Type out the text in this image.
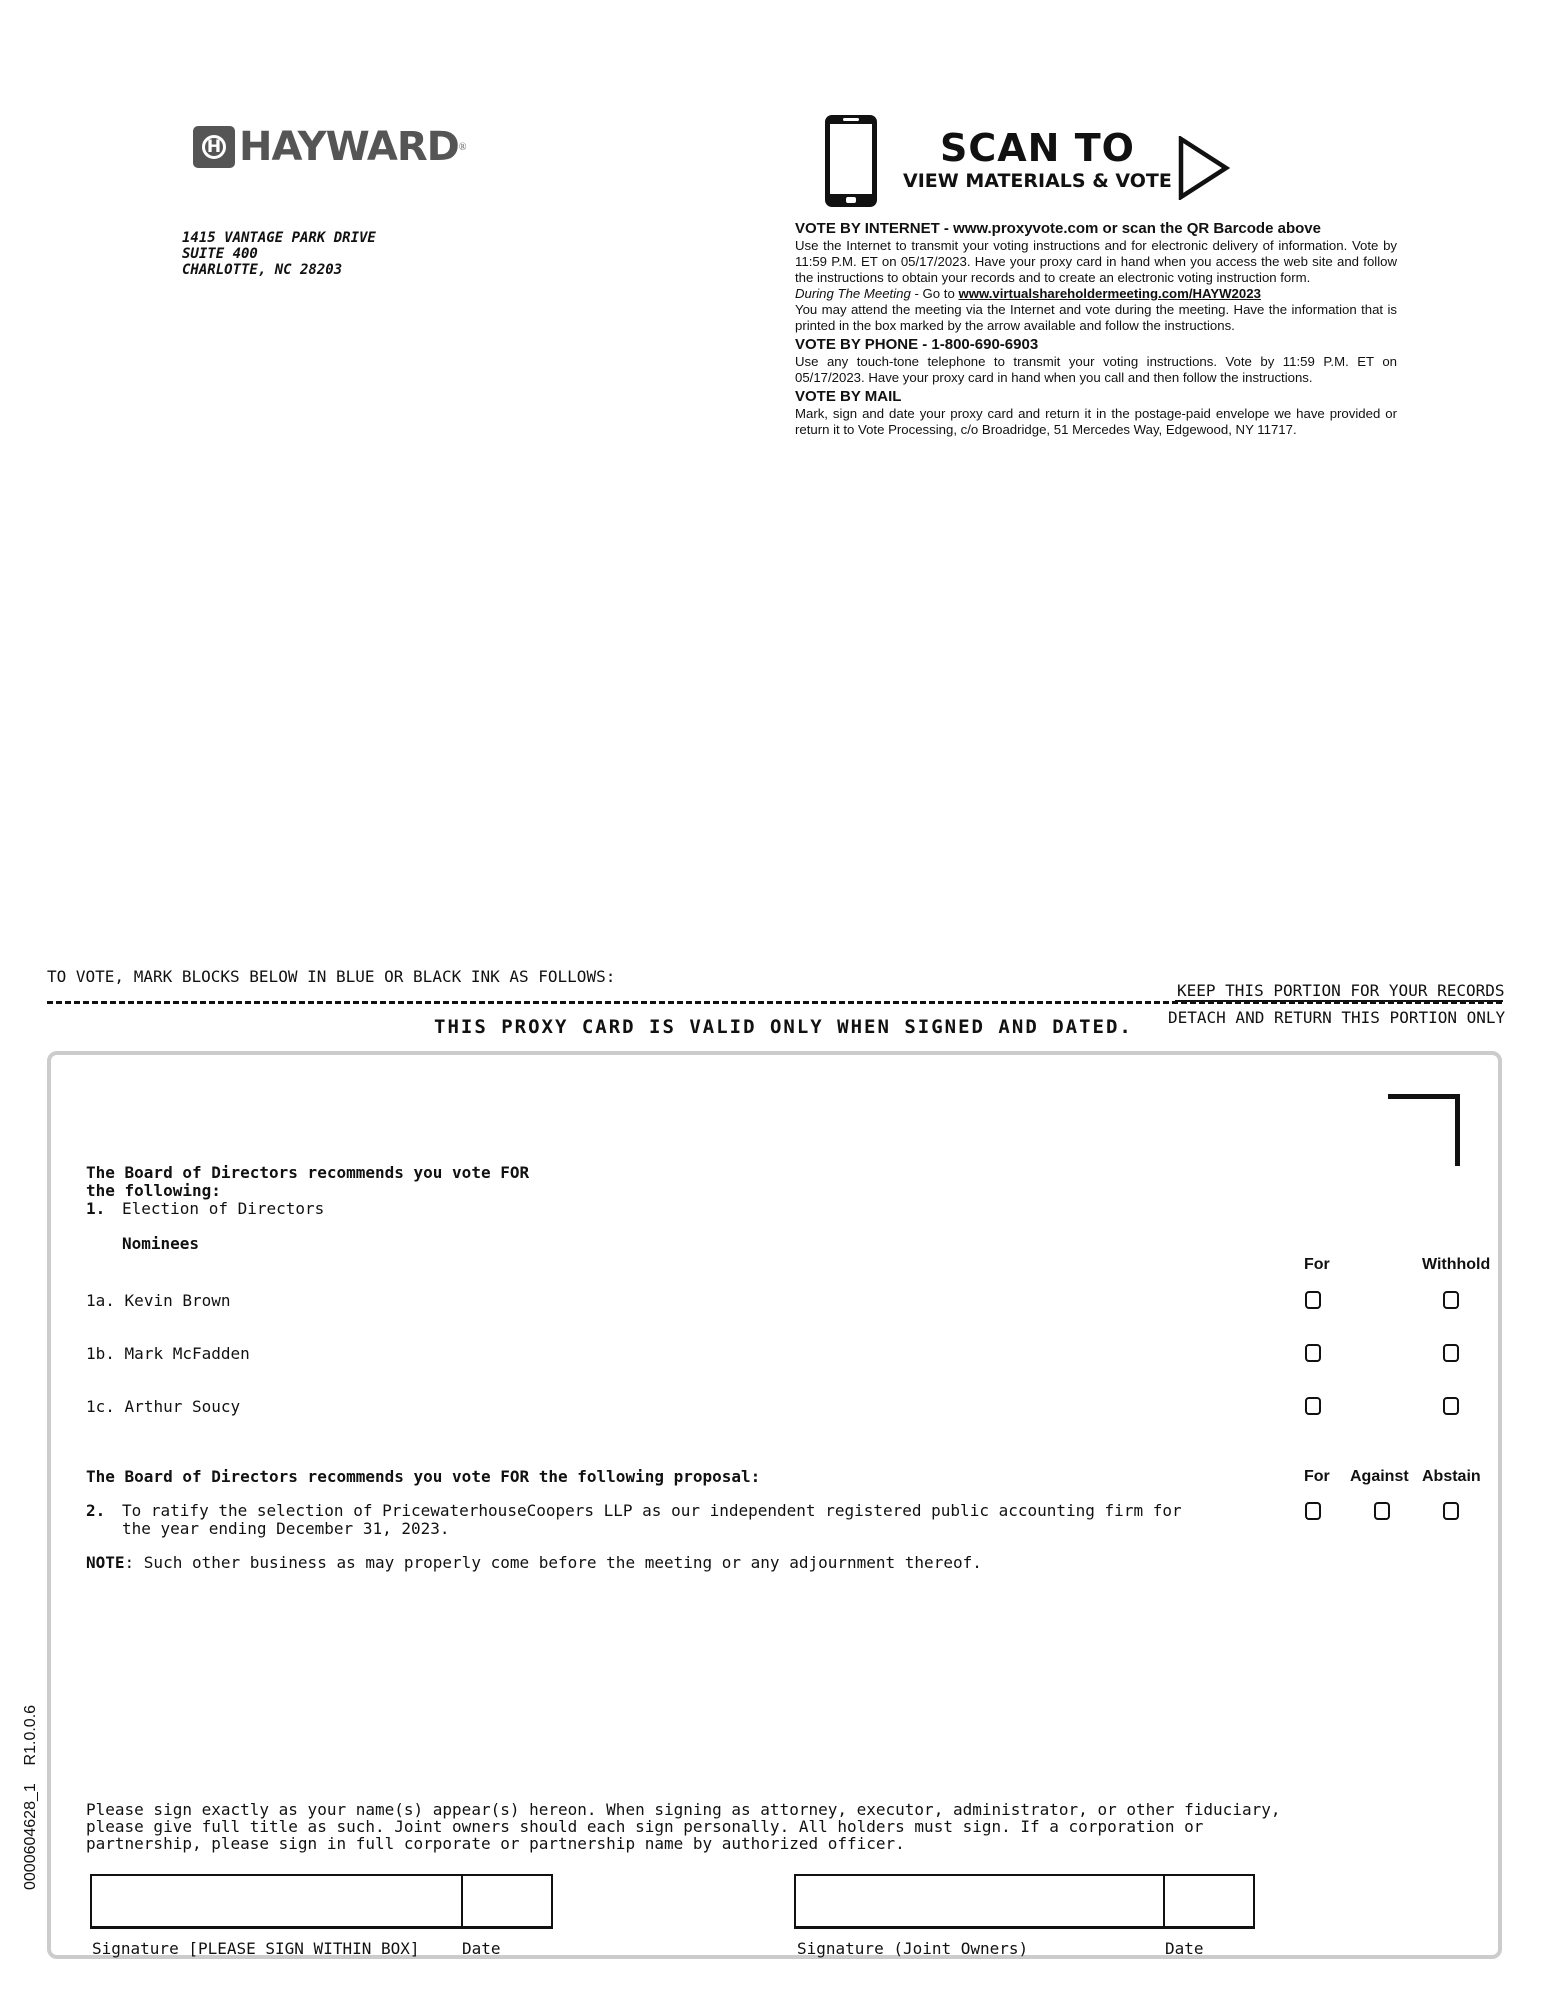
H HAYWARD ®
1415 VANTAGE PARK DRIVE
SUITE 400
CHARLOTTE, NC 28203
SCAN TO
VIEW MATERIALS & VOTE

VOTE BY INTERNET - www.proxyvote.com or scan the QR Barcode above

Use the Internet to transmit your voting instructions and for electronic delivery of information. Vote by 11:59 P.M. ET on 05/17/2023. Have your proxy card in hand when you access the web site and follow the instructions to obtain your records and to create an electronic voting instruction form.

During The Meeting - Go to www.virtualshareholdermeeting.com/HAYW2023

You may attend the meeting via the Internet and vote during the meeting. Have the information that is printed in the box marked by the arrow available and follow the instructions.

VOTE BY PHONE - 1-800-690-6903

Use any touch-tone telephone to transmit your voting instructions. Vote by 11:59 P.M. ET on 05/17/2023. Have your proxy card in hand when you call and then follow the instructions.

VOTE BY MAIL

Mark, sign and date your proxy card and return it in the postage-paid envelope we have provided or return it to Vote Processing, c/o Broadridge, 51 Mercedes Way, Edgewood, NY 11717.

TO VOTE, MARK BLOCKS BELOW IN BLUE OR BLACK INK AS FOLLOWS:
KEEP THIS PORTION FOR YOUR RECORDS
DETACH AND RETURN THIS PORTION ONLY
THIS PROXY CARD IS VALID ONLY WHEN SIGNED AND DATED.
The Board of Directors recommends you vote FOR
the following:
1. Election of Directors
Nominees
For	Withhold
1a. Kevin Brown
1b. Mark McFadden
1c. Arthur Soucy
The Board of Directors recommends you vote FOR the following proposal:	For Against Abstain
2. To ratify the selection of PricewaterhouseCoopers LLP as our independent registered public accounting firm for
the year ending December 31, 2023.
NOTE: Such other business as may properly come before the meeting or any adjournment thereof.
Please sign exactly as your name(s) appear(s) hereon. When signing as attorney, executor, administrator, or other fiduciary,
please give full title as such. Joint owners should each sign personally. All holders must sign. If a corporation or
partnership, please sign in full corporate or partnership name by authorized officer.
Signature [PLEASE SIGN WITHIN BOX]	Date	Signature (Joint Owners)	Date
0000604628_1    R1.0.0.6
